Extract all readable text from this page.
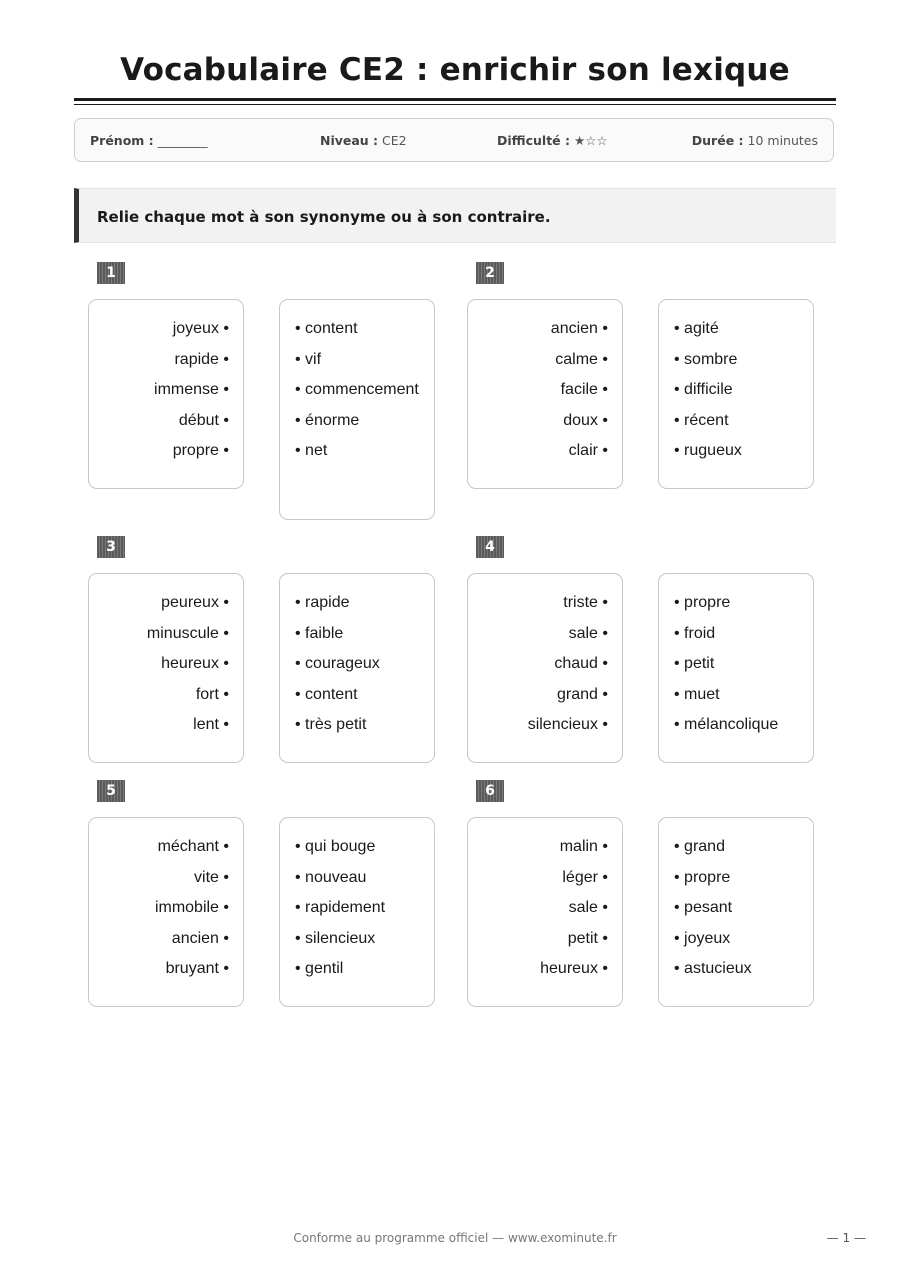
Vocabulaire CE2 : enrichir son lexique
Prénom : ________	Niveau : CE2	Difficulté : ★☆☆	Durée : 10 minutes
Relie chaque mot à son synonyme ou à son contraire.
1
joyeux •
rapide •
immense •
début •
propre •
• content
• vif
• commencement
• énorme
• net
2
ancien •
calme •
facile •
doux •
clair •
• agité
• sombre
• difficile
• récent
• rugueux
3
peureux •
minuscule •
heureux •
fort •
lent •
• rapide
• faible
• courageux
• content
• très petit
4
triste •
sale •
chaud •
grand •
silencieux •
• propre
• froid
• petit
• muet
• mélancolique
5
méchant •
vite •
immobile •
ancien •
bruyant •
• qui bouge
• nouveau
• rapidement
• silencieux
• gentil
6
malin •
léger •
sale •
petit •
heureux •
• grand
• propre
• pesant
• joyeux
• astucieux
Conforme au programme officiel — www.exominute.fr	— 1 —
